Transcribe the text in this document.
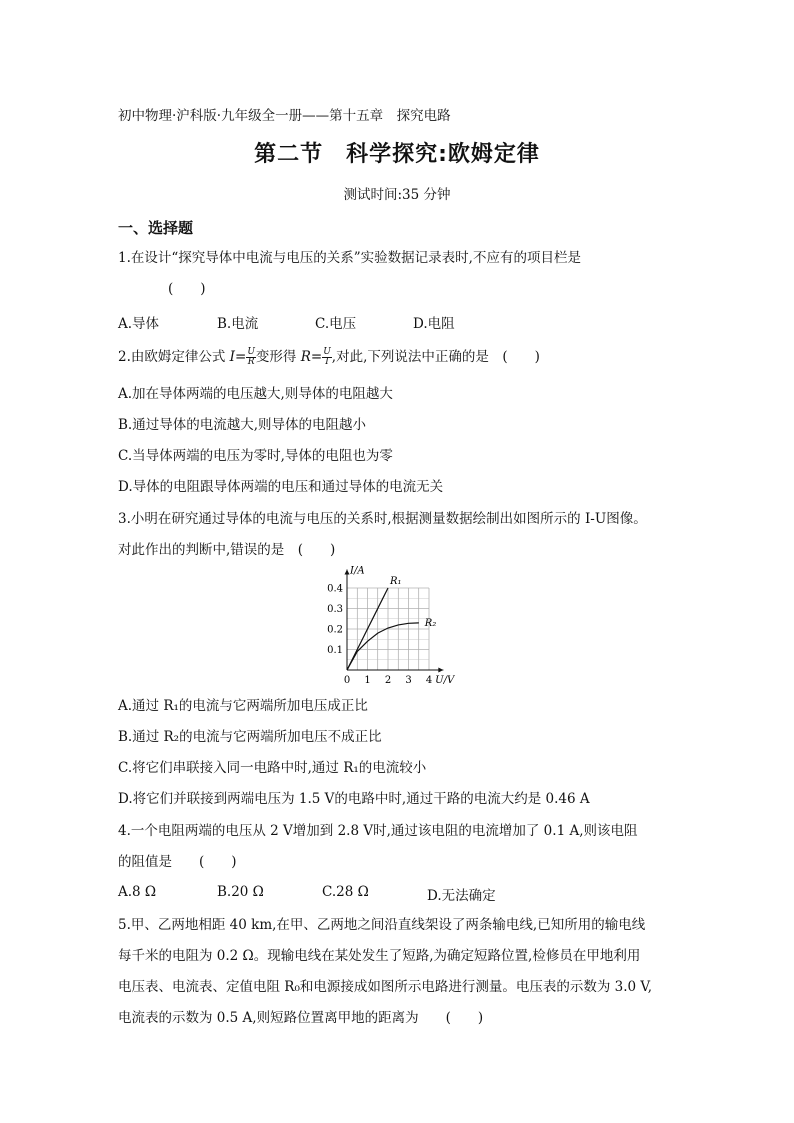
初中物理·沪科版·九年级全一册——第十五章　探究电路
第二节　科学探究:欧姆定律
测试时间:35 分钟
一、选择题
1.在设计“探究导体中电流与电压的关系”实验数据记录表时,不应有的项目栏是
(　　)
A.导体	B.电流	C.电压	D.电阻
2.由欧姆定律公式 $I= \frac{U}{R}$ 变形得 $R= \frac{U}{I}$ ,对此,下列说法中正确的是　(　　)
A.加在导体两端的电压越大,则导体的电阻越大
B.通过导体的电流越大,则导体的电阻越小
C.当导体两端的电压为零时,导体的电阻也为零
D.导体的电阻跟导体两端的电压和通过导体的电流无关
3.小明在研究通过导体的电流与电压的关系时,根据测量数据绘制出如图所示的 I-U图像。
对此作出的判断中,错误的是　(　　)
0 1 2 3 4
0.1
0.2
0.3
0.4
U/V
I/A
R₁
R₂
A.通过 R₁的电流与它两端所加电压成正比
B.通过 R₂的电流与它两端所加电压不成正比
C.将它们串联接入同一电路中时,通过 R₁的电流较小
D.将它们并联接到两端电压为 1.5 V的电路中时,通过干路的电流大约是 0.46 A
4.一个电阻两端的电压从 2 V增加到 2.8 V时,通过该电阻的电流增加了 0.1 A,则该电阻
的阻值是　　(　　)
A.8 Ω	B.20 Ω	C.28 Ω	D.无法确定
5.甲、乙两地相距 40 km,在甲、乙两地之间沿直线架设了两条输电线,已知所用的输电线
每千米的电阻为 0.2 Ω。现输电线在某处发生了短路,为确定短路位置,检修员在甲地利用
电压表、电流表、定值电阻 R₀和电源接成如图所示电路进行测量。电压表的示数为 3.0 V,
电流表的示数为 0.5 A,则短路位置离甲地的距离为　　(　　)
